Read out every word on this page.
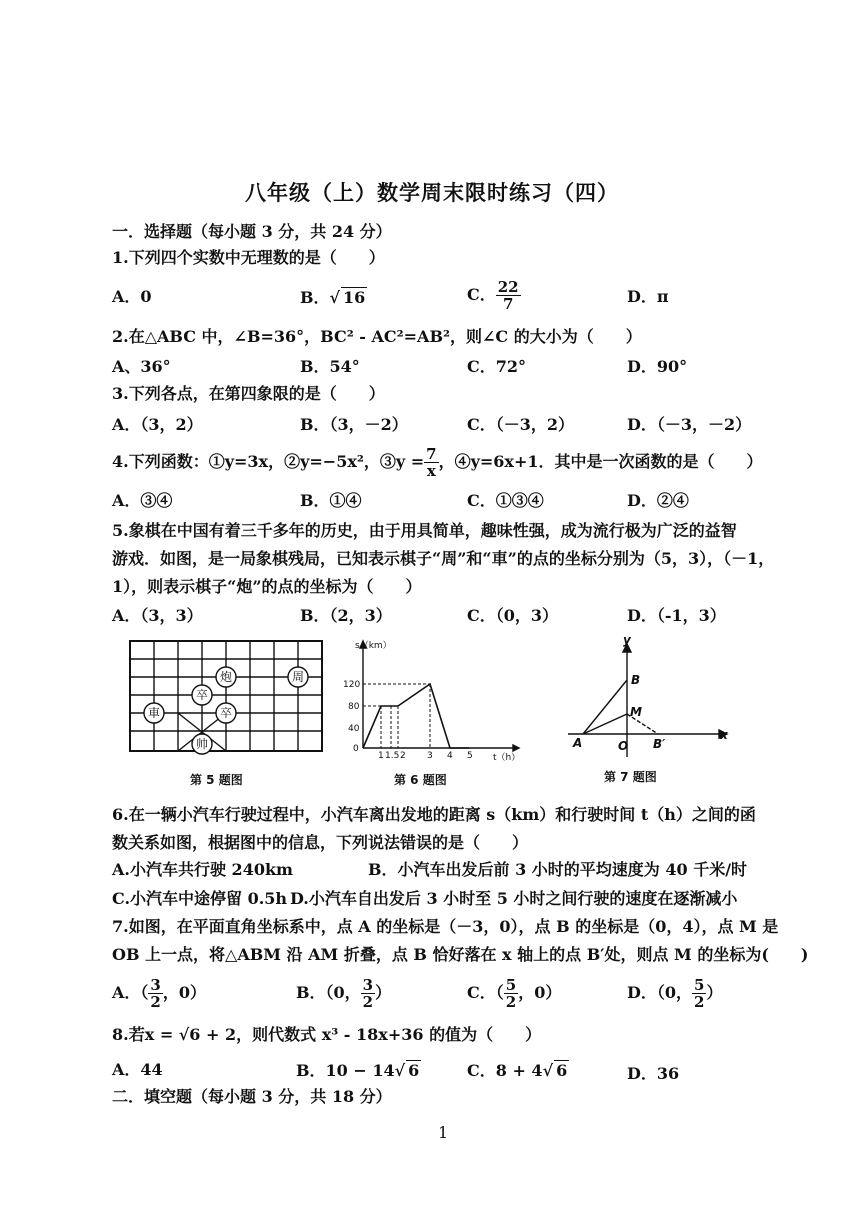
八年级（上）数学周末限时练习（四）
一．选择题（每小题 3 分，共 24 分）
1.下列四个实数中无理数的是（　　）
A．0	B．√ 16	C． $\frac{22}{7}$	D．π
2.在△ABC 中，∠B=36°，BC² - AC²=AB²，则∠C 的大小为（　　）
A、36°	B．54°	C．72°	D．90°
3.下列各点，在第四象限的是（　　）
A．（3，2）	B．（3，－2）	C．（－3，2）	D．（－3，－2）
4.下列函数：①y=3x，②y=−5x²，③y = $\frac{7}{x}$ ，④y=6x+1．其中是一次函数的是（　　）
A．③④	B．①④	C．①③④	D．②④
5.象棋在中国有着三千多年的历史，由于用具简单，趣味性强，成为流行极为广泛的益智
游戏．如图，是一局象棋残局，已知表示棋子“周”和“車”的点的坐标分别为（5，3），（－1，
1），则表示棋子“炮”的点的坐标为（　　）
A．（3，3）	B．（2，3）	C．（0，3）	D．（-1，3）
炮	周
卒
車	卒
帅
第 5 题图
s（km）
t（h）
120
80
40
0
1 1.5 2 3 4 5
第 6 题图
y
x
B
M
A	O B′
第 7 题图
6.在一辆小汽车行驶过程中，小汽车离出发地的距离 s（km）和行驶时间 t（h）之间的函
数关系如图，根据图中的信息，下列说法错误的是（　　）
A.小汽车共行驶 240km	B．小汽车出发后前 3 小时的平均速度为 40 千米/时
C.小汽车中途停留 0.5h D.小汽车自出发后 3 小时至 5 小时之间行驶的速度在逐渐减小
7.如图，在平面直角坐标系中，点 A 的坐标是（－3，0），点 B 的坐标是（0，4），点 M 是
OB 上一点，将△ABM 沿 AM 折叠，点 B 恰好落在 x 轴上的点 B′处，则点 M 的坐标为(　　)
A．（ $\frac{3}{2}$ ，0）	B．（0， $\frac{3}{2}$ ）	C．（ $\frac{5}{2}$ ，0）	D．（0， $\frac{5}{2}$ ）
8.若x = √6 + 2，则代数式 x³ - 18x+36 的值为（　　）
A．44	B．10 − 14√ 6	C．8 + 4√ 6	D．36
二．填空题（每小题 3 分，共 18 分）
1
